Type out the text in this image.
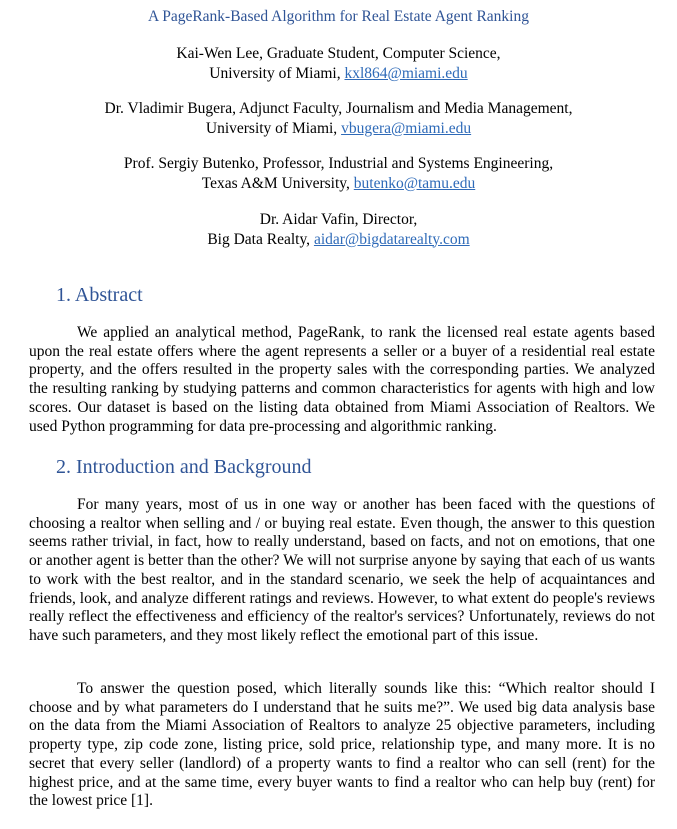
A PageRank-Based Algorithm for Real Estate Agent Ranking
Kai-Wen Lee, Graduate Student, Computer Science,
University of Miami, kxl864@miami.edu
Dr. Vladimir Bugera, Adjunct Faculty, Journalism and Media Management,
University of Miami, vbugera@miami.edu
Prof. Sergiy Butenko, Professor, Industrial and Systems Engineering,
Texas A&M University, butenko@tamu.edu
Dr. Aidar Vafin, Director,
Big Data Realty, aidar@bigdatarealty.com
1. Abstract

We applied an analytical method, PageRank, to rank the licensed real estate agents based upon the real estate offers where the agent represents a seller or a buyer of a residential real estate property, and the offers resulted in the property sales with the corresponding parties. We analyzed the resulting ranking by studying patterns and common characteristics for agents with high and low scores. Our dataset is based on the listing data obtained from Miami Association of Realtors. We used Python programming for data pre-processing and algorithmic ranking.

2. Introduction and Background

For many years, most of us in one way or another has been faced with the questions of choosing a realtor when selling and / or buying real estate. Even though, the answer to this question seems rather trivial, in fact, how to really understand, based on facts, and not on emotions, that one or another agent is better than the other? We will not surprise anyone by saying that each of us wants to work with the best realtor, and in the standard scenario, we seek the help of acquaintances and friends, look, and analyze different ratings and reviews. However, to what extent do people's reviews really reflect the effectiveness and efficiency of the realtor's services? Unfortunately, reviews do not have such parameters, and they most likely reflect the emotional part of this issue.

To answer the question posed, which literally sounds like this: “Which realtor should I choose and by what parameters do I understand that he suits me?”. We used big data analysis base on the data from the Miami Association of Realtors to analyze 25 objective parameters, including property type, zip code zone, listing price, sold price, relationship type, and many more. It is no secret that every seller (landlord) of a property wants to find a realtor who can sell (rent) for the highest price, and at the same time, every buyer wants to find a realtor who can help buy (rent) for the lowest price [1].
